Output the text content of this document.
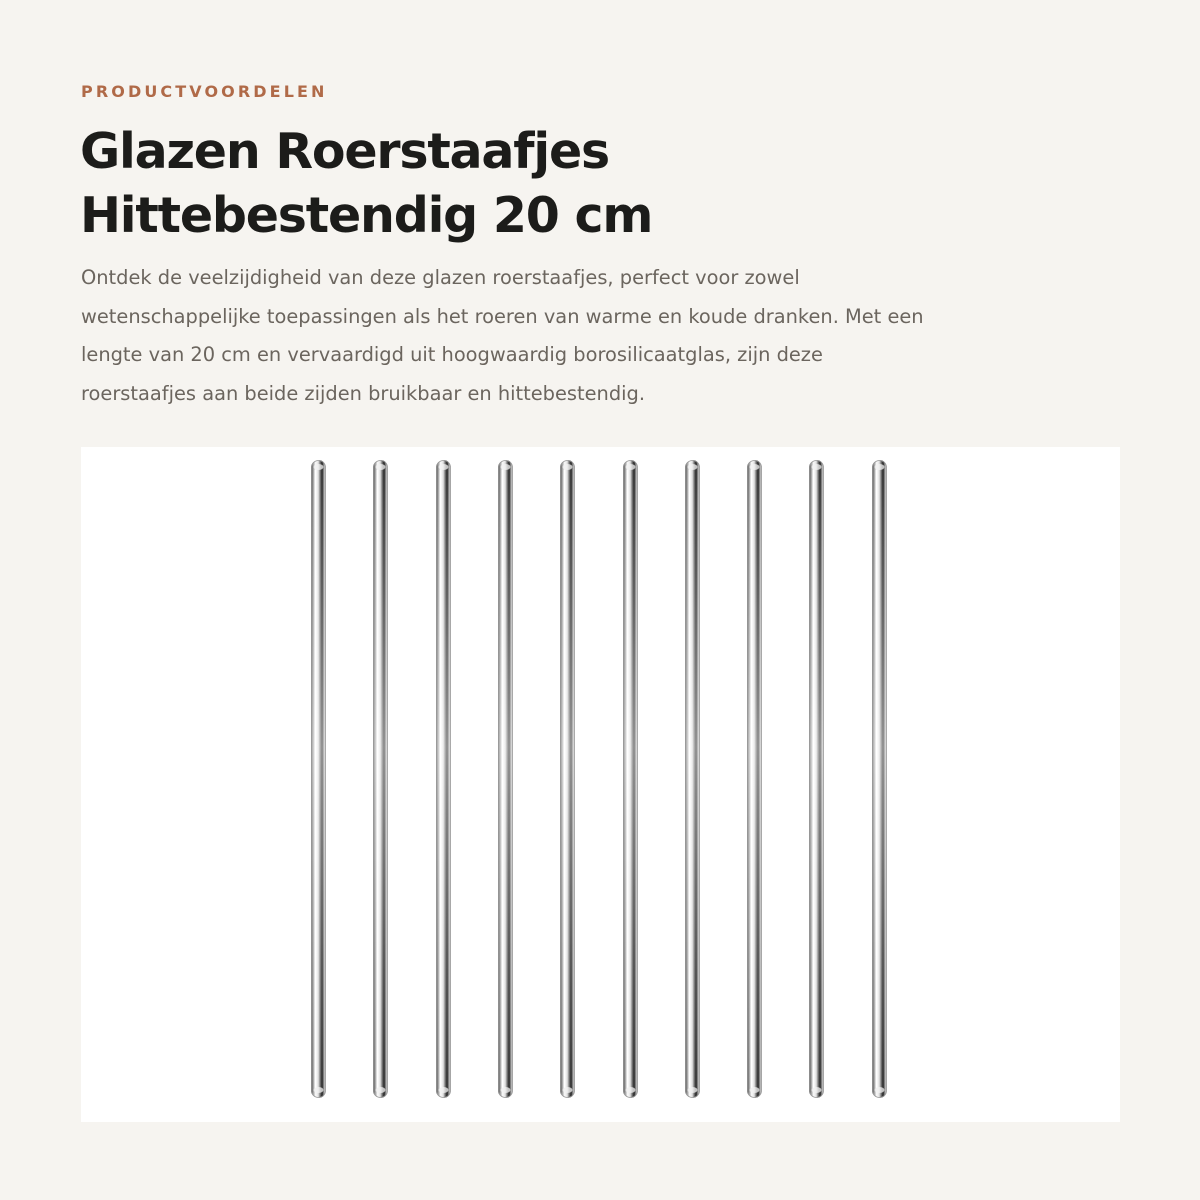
PRODUCTVOORDELEN
Glazen Roerstaafjes
Hittebestendig 20 cm

Ontdek de veelzijdigheid van deze glazen roerstaafjes, perfect voor zowel
wetenschappelijke toepassingen als het roeren van warme en koude dranken. Met een
lengte van 20 cm en vervaardigd uit hoogwaardig borosilicaatglas, zijn deze
roerstaafjes aan beide zijden bruikbaar en hittebestendig.
